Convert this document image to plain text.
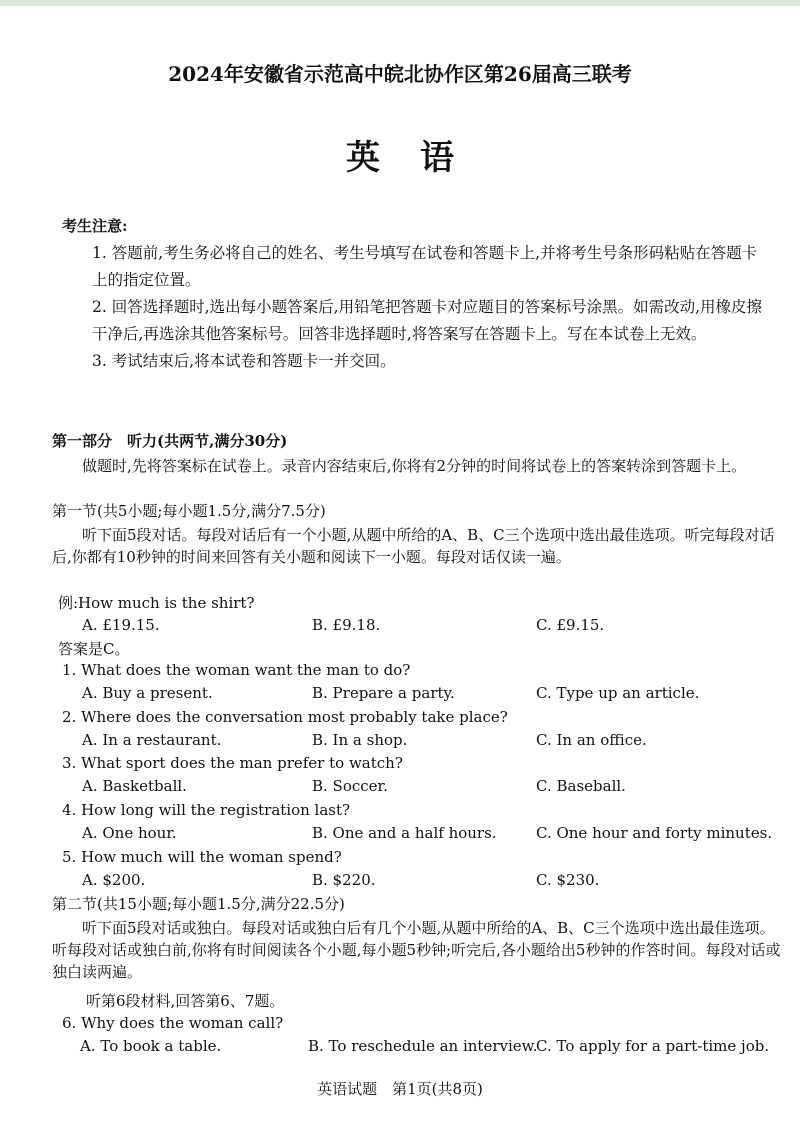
2024年安徽省示范高中皖北协作区第26届高三联考
英语
考生注意:

1. 答题前,考生务必将自己的姓名、考生号填写在试卷和答题卡上,并将考生号条形码粘贴在答题卡上的指定位置。

2. 回答选择题时,选出每小题答案后,用铅笔把答题卡对应题目的答案标号涂黑。如需改动,用橡皮擦干净后,再选涂其他答案标号。回答非选择题时,将答案写在答题卡上。写在本试卷上无效。

3. 考试结束后,将本试卷和答题卡一并交回。

第一部分　听力(共两节,满分30分)
做题时,先将答案标在试卷上。录音内容结束后,你将有2分钟的时间将试卷上的答案转涂到答题卡上。
第一节(共5小题;每小题1.5分,满分7.5分)
听下面5段对话。每段对话后有一个小题,从题中所给的A、B、C三个选项中选出最佳选项。听完每段对话后,你都有10秒钟的时间来回答有关小题和阅读下一小题。每段对话仅读一遍。
例:How much is the shirt?
A. £19.15.	B. £9.18.	C. £9.15.
答案是C。
1. What does the woman want the man to do?
A. Buy a present.	B. Prepare a party.	C. Type up an article.
2. Where does the conversation most probably take place?
A. In a restaurant.	B. In a shop.	C. In an office.
3. What sport does the man prefer to watch?
A. Basketball.	B. Soccer.	C. Baseball.
4. How long will the registration last?
A. One hour.	B. One and a half hours.	C. One hour and forty minutes.
5. How much will the woman spend?
A. $200.	B. $220.	C. $230.
第二节(共15小题;每小题1.5分,满分22.5分)
听下面5段对话或独白。每段对话或独白后有几个小题,从题中所给的A、B、C三个选项中选出最佳选项。听每段对话或独白前,你将有时间阅读各个小题,每小题5秒钟;听完后,各小题给出5秒钟的作答时间。每段对话或独白读两遍。
听第6段材料,回答第6、7题。
6. Why does the woman call?
A. To book a table.	B. To reschedule an interview.
C. To apply for a part-time job.
英语试题　第1页(共8页)
